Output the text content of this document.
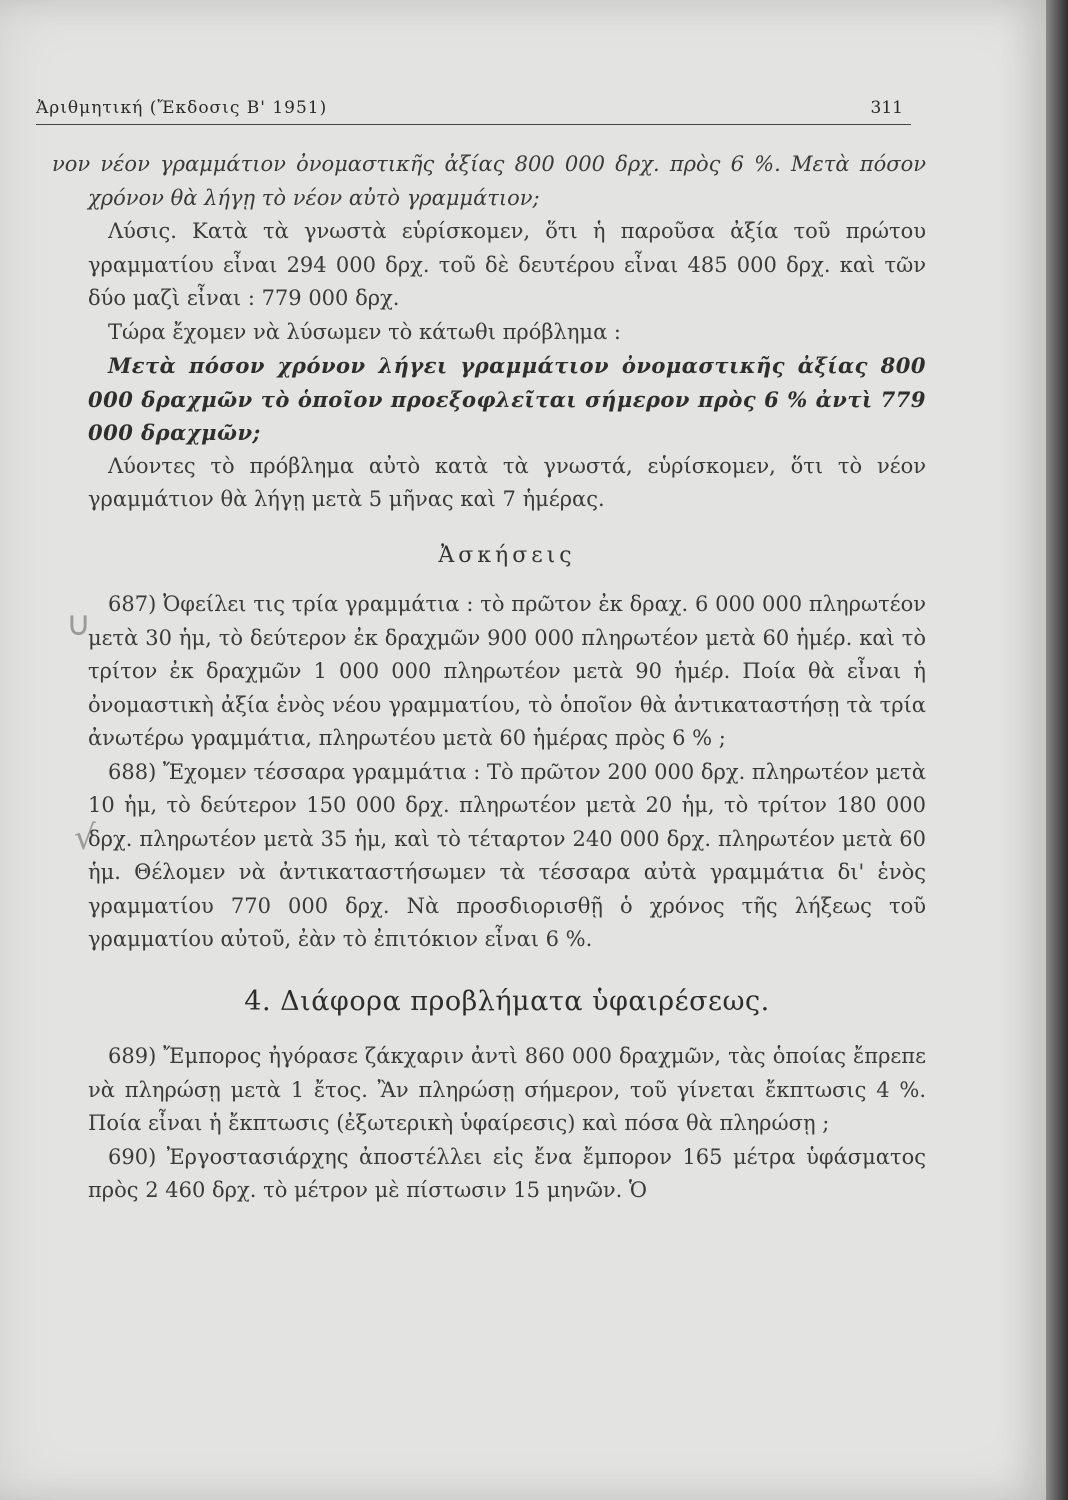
Ἀριθμητική (Ἔκδοσις Β' 1951)	311
∪
√

νον νέον γραμμάτιον ὀνομαστικῆς ἀξίας 800 000 δρχ. πρὸς 6 %. Μετὰ πόσον χρόνον θὰ λήγῃ τὸ νέον αὐτὸ γραμμάτιον;

Λύσις. Κατὰ τὰ γνωστὰ εὑρίσκομεν, ὅτι ἡ παροῦσα ἀξία τοῦ πρώτου γραμματίου εἶναι 294 000 δρχ. τοῦ δὲ δευτέρου εἶναι 485 000 δρχ. καὶ τῶν δύο μαζὶ εἶναι : 779 000 δρχ.

Τώρα ἔχομεν νὰ λύσωμεν τὸ κάτωθι πρόβλημα :

Μετὰ πόσον χρόνον λήγει γραμμάτιον ὀνομαστικῆς ἀξίας 800 000 δραχμῶν τὸ ὁποῖον προεξοφλεῖται σήμερον πρὸς 6 % ἀντὶ 779 000 δραχμῶν;

Λύοντες τὸ πρόβλημα αὐτὸ κατὰ τὰ γνωστά, εὑρίσκομεν, ὅτι τὸ νέον γραμμάτιον θὰ λήγῃ μετὰ 5 μῆνας καὶ 7 ἡμέρας.

Ἀσκήσεις

687) Ὀφείλει τις τρία γραμμάτια : τὸ πρῶτον ἐκ δραχ. 6 000 000 πληρωτέον μετὰ 30 ἡμ, τὸ δεύτερον ἐκ δραχμῶν 900 000 πληρωτέον μετὰ 60 ἡμέρ. καὶ τὸ τρίτον ἐκ δραχμῶν 1 000 000 πληρωτέον μετὰ 90 ἡμέρ. Ποία θὰ εἶναι ἡ ὀνομαστικὴ ἀξία ἑνὸς νέου γραμματίου, τὸ ὁποῖον θὰ ἀντικαταστήσῃ τὰ τρία ἀνωτέρω γραμμάτια, πληρωτέου μετὰ 60 ἡμέρας πρὸς 6 % ;

688) Ἔχομεν τέσσαρα γραμμάτια : Τὸ πρῶτον 200 000 δρχ. πληρωτέον μετὰ 10 ἡμ, τὸ δεύτερον 150 000 δρχ. πληρωτέον μετὰ 20 ἡμ, τὸ τρίτον 180 000 δρχ. πληρωτέον μετὰ 35 ἡμ, καὶ τὸ τέταρτον 240 000 δρχ. πληρωτέον μετὰ 60 ἡμ. Θέλομεν νὰ ἀντικαταστήσωμεν τὰ τέσσαρα αὐτὰ γραμμάτια δι' ἑνὸς γραμματίου 770 000 δρχ. Νὰ προσδιορισθῇ ὁ χρόνος τῆς λήξεως τοῦ γραμματίου αὐτοῦ, ἐὰν τὸ ἐπιτόκιον εἶναι 6 %.

4. Διάφορα προβλήματα ὑφαιρέσεως.

689) Ἔμπορος ἠγόρασε ζάκχαριν ἀντὶ 860 000 δραχμῶν, τὰς ὁποίας ἔπρεπε νὰ πληρώσῃ μετὰ 1 ἔτος. Ἂν πληρώσῃ σήμερον, τοῦ γίνεται ἔκπτωσις 4 %. Ποία εἶναι ἡ ἔκπτωσις (ἐξωτερικὴ ὑφαίρεσις) καὶ πόσα θὰ πληρώσῃ ;

690) Ἐργοστασιάρχης ἀποστέλλει εἰς ἔνα ἔμπορον 165 μέτρα ὑφάσματος πρὸς 2 460 δρχ. τὸ μέτρον μὲ πίστωσιν 15 μηνῶν. Ὁ
